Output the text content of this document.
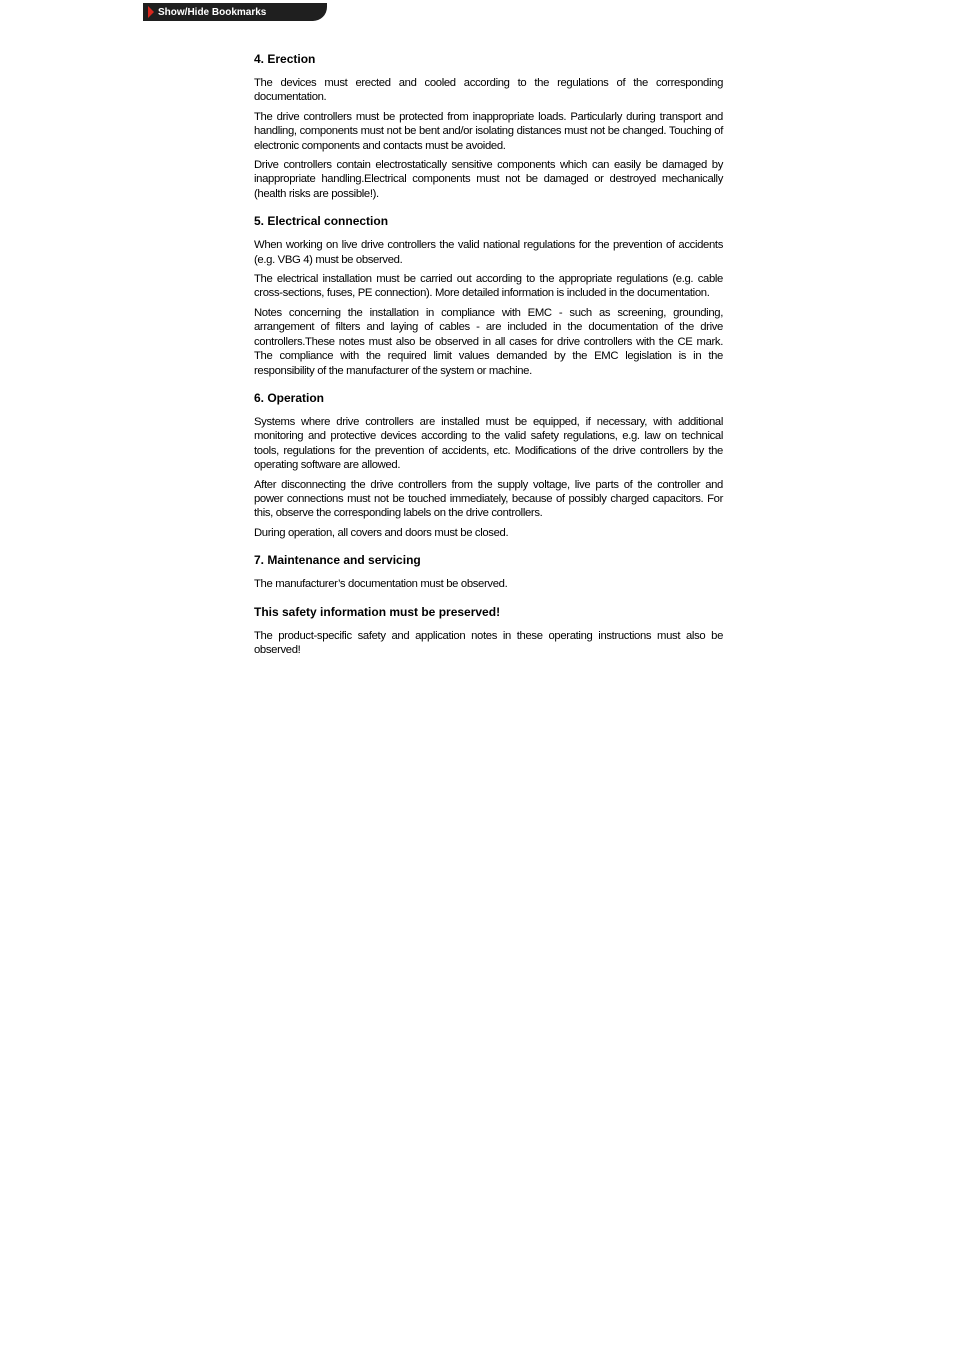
Show/Hide Bookmarks
4. Erection

The devices must erected and cooled according to the regulations of the corresponding documentation.

The drive controllers must be protected from inappropriate loads. Particularly during transport and handling, components must not be bent and/or isolating distances must not be changed. Touching of electronic components and contacts must be avoided.

Drive controllers contain electrostatically sensitive components which can easily be damaged by inappropriate handling.Electrical components must not be damaged or destroyed mechanically (health risks are possible!).

5. Electrical connection

When working on live drive controllers the valid national regulations for the prevention of accidents (e.g. VBG 4) must be observed.

The electrical installation must be carried out according to the appropriate regulations (e.g. cable cross-sections, fuses, PE connection). More detailed information is included in the documentation.

Notes concerning the installation in compliance with EMC - such as screening, grounding, arrangement of filters and laying of cables - are included in the documentation of the drive controllers.These notes must also be observed in all cases for drive controllers with the CE mark. The compliance with the required limit values demanded by the EMC legislation is in the responsibility of the manufacturer of the system or machine.

6. Operation

Systems where drive controllers are installed must be equipped, if necessary, with additional monitoring and protective devices according to the valid safety regulations, e.g. law on technical tools, regulations for the prevention of accidents, etc. Modifications of the drive controllers by the operating software are allowed.

After disconnecting the drive controllers from the supply voltage, live parts of the controller and power connections must not be touched immediately, because of possibly charged capacitors. For this, observe the corresponding labels on the drive controllers.

During operation, all covers and doors must be closed.

7. Maintenance and servicing

The manufacturer’s documentation must be observed.

This safety information must be preserved!

The product-specific safety and application notes in these operating instructions must also be observed!
